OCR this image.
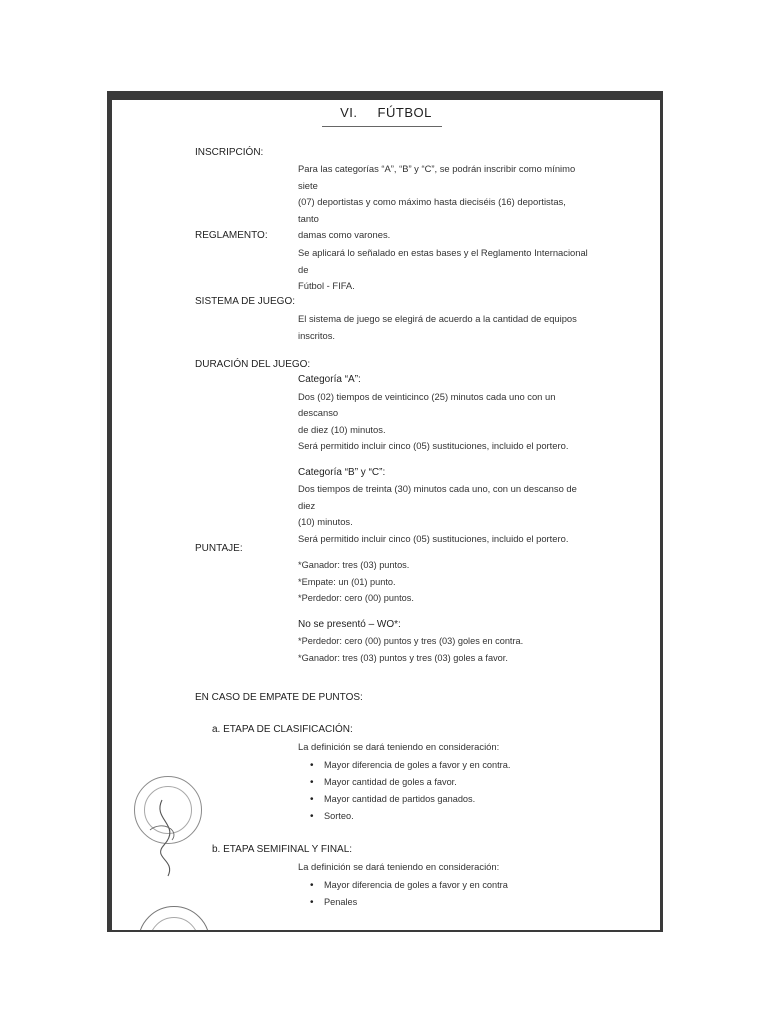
VI. FÚTBOL
INSCRIPCIÓN:

Para las categorías “A”, “B” y “C”, se podrán inscribir como mínimo siete

(07) deportistas y como máximo hasta dieciséis (16) deportistas, tanto

damas como varones.

REGLAMENTO:

Se aplicará lo señalado en estas bases y el Reglamento Internacional de

Fútbol - FIFA.

SISTEMA DE JUEGO:

El sistema de juego se elegirá de acuerdo a la cantidad de equipos

inscritos.

DURACIÓN DEL JUEGO:

Categoría “A”:

Dos (02) tiempos de veinticinco (25) minutos cada uno con un descanso

de diez (10) minutos.

Será permitido incluir cinco (05) sustituciones, incluido el portero.

Categoría “B” y “C”:

Dos tiempos de treinta (30) minutos cada uno, con un descanso de diez

(10) minutos.

Será permitido incluir cinco (05) sustituciones, incluido el portero.

PUNTAJE:

*Ganador: tres (03) puntos.

*Empate: un (01) punto.

*Perdedor: cero (00) puntos.

No se presentó – WO*:

*Perdedor: cero (00) puntos y tres (03) goles en contra.

*Ganador: tres (03) puntos y tres (03) goles a favor.

EN CASO DE EMPATE DE PUNTOS:
a. ETAPA DE CLASIFICACIÓN:
La definición se dará teniendo en consideración:
• Mayor diferencia de goles a favor y en contra.
• Mayor cantidad de goles a favor.
• Mayor cantidad de partidos ganados.
• Sorteo.
b. ETAPA SEMIFINAL Y FINAL:
La definición se dará teniendo en consideración:
• Mayor diferencia de goles a favor y en contra
• Penales
